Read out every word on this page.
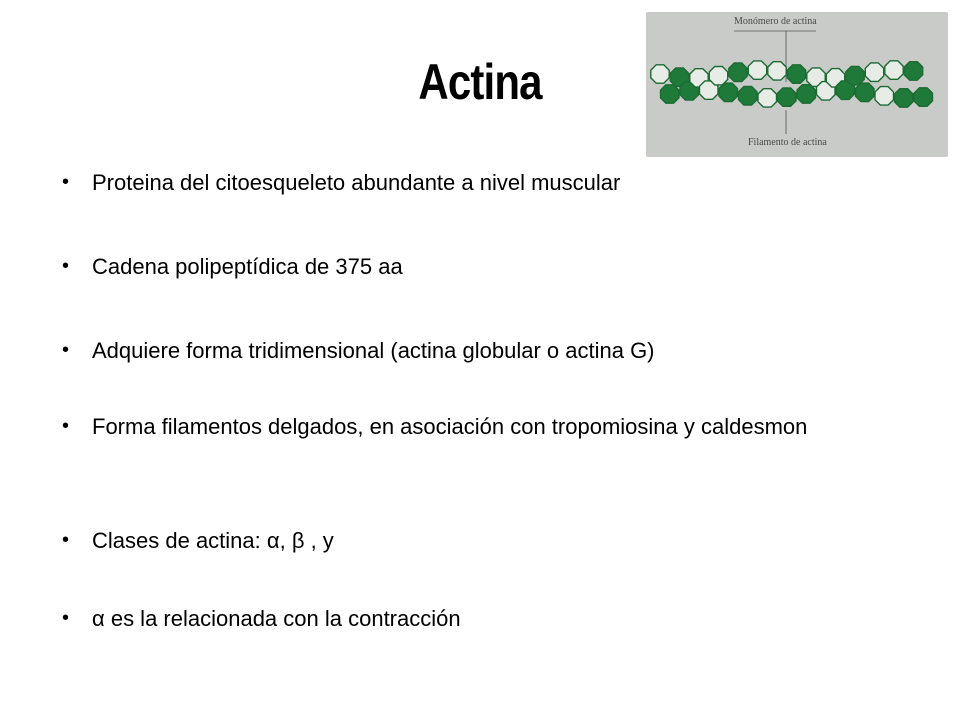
Actina
Monómero de actina
Filamento de actina
• Proteina del citoesqueleto abundante a nivel muscular
• Cadena polipeptídica de 375 aa
• Adquiere forma tridimensional (actina globular o actina G)
• Forma filamentos delgados, en asociación con tropomiosina y caldesmon
• Clases de actina: α, β , y
• α es la relacionada con la contracción
